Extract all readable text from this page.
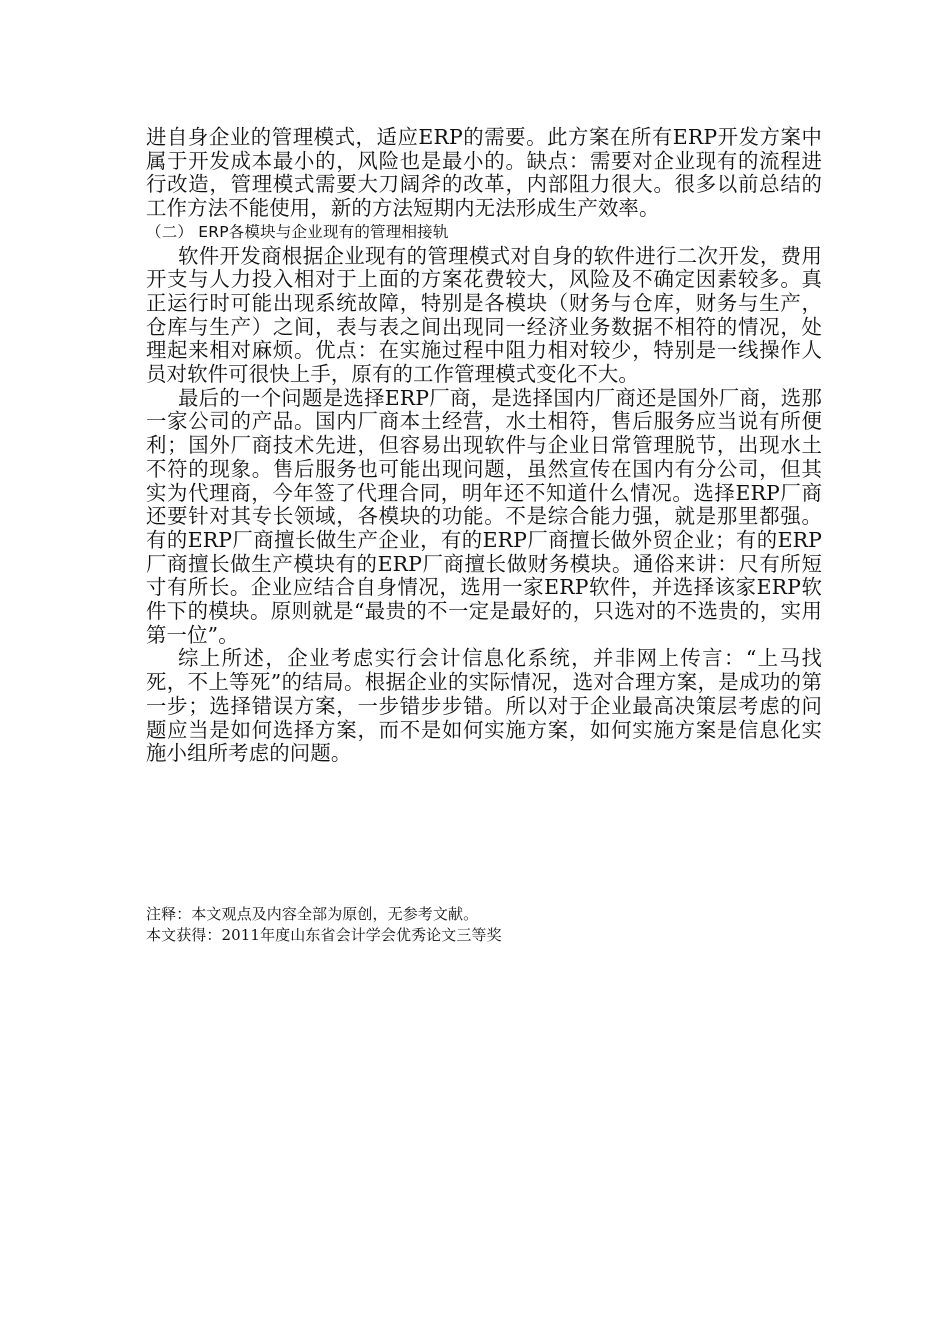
进自身企业的管理模式，适应ERP的需要。此方案在所有ERP开发方案中属于开发成本最小的，风险也是最小的。缺点：需要对企业现有的流程进行改造，管理模式需要大刀阔斧的改革，内部阻力很大。很多以前总结的工作方法不能使用，新的方法短期内无法形成生产效率。

（二） ERP各模块与企业现有的管理相接轨

软件开发商根据企业现有的管理模式对自身的软件进行二次开发，费用开支与人力投入相对于上面的方案花费较大，风险及不确定因素较多。真正运行时可能出现系统故障，特别是各模块（财务与仓库，财务与生产，仓库与生产）之间，表与表之间出现同一经济业务数据不相符的情况，处理起来相对麻烦。优点：在实施过程中阻力相对较少，特别是一线操作人员对软件可很快上手，原有的工作管理模式变化不大。

最后的一个问题是选择ERP厂商，是选择国内厂商还是国外厂商，选那一家公司的产品。国内厂商本土经营，水土相符，售后服务应当说有所便利；国外厂商技术先进，但容易出现软件与企业日常管理脱节，出现水土不符的现象。售后服务也可能出现问题，虽然宣传在国内有分公司，但其实为代理商，今年签了代理合同，明年还不知道什么情况。选择ERP厂商还要针对其专长领域，各模块的功能。不是综合能力强，就是那里都强。有的ERP厂商擅长做生产企业，有的ERP厂商擅长做外贸企业；有的ERP厂商擅长做生产模块有的ERP厂商擅长做财务模块。通俗来讲：尺有所短寸有所长。企业应结合自身情况，选用一家ERP软件，并选择该家ERP软件下的模块。原则就是“最贵的不一定是最好的，只选对的不选贵的，实用第一位”。

综上所述，企业考虑实行会计信息化系统，并非网上传言：“上马找死，不上等死”的结局。根据企业的实际情况，选对合理方案，是成功的第一步；选择错误方案，一步错步步错。所以对于企业最高决策层考虑的问题应当是如何选择方案，而不是如何实施方案，如何实施方案是信息化实施小组所考虑的问题。

注释：本文观点及内容全部为原创，无参考文献。

本文获得：2011年度山东省会计学会优秀论文三等奖
